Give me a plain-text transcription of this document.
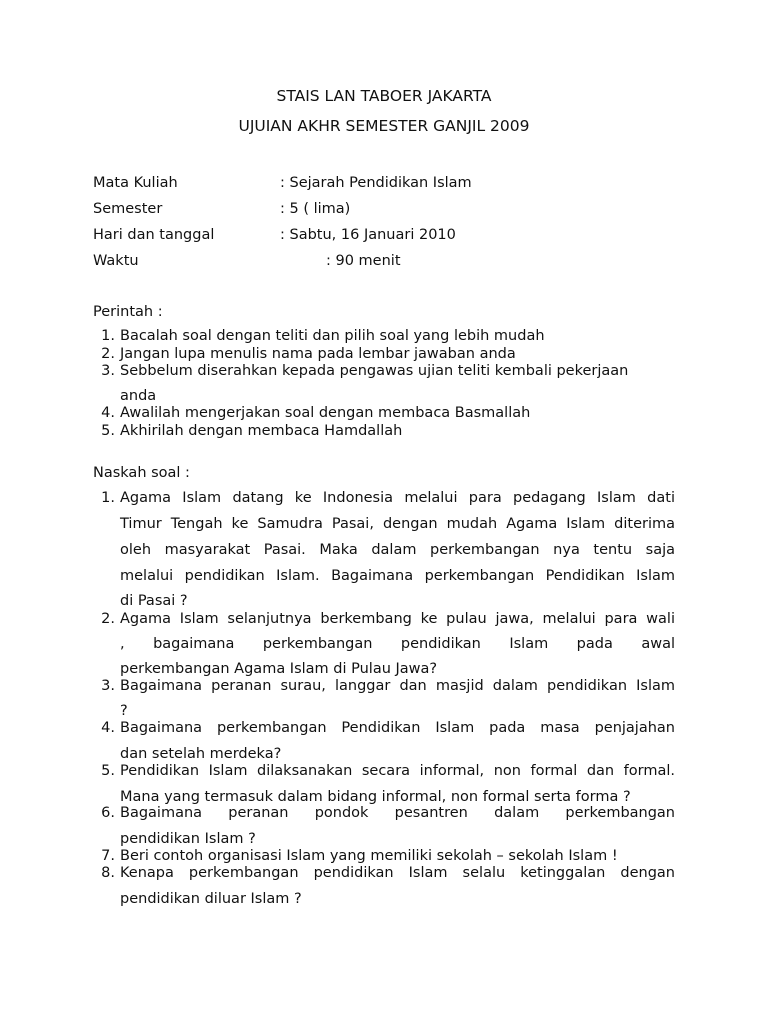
STAIS LAN TABOER JAKARTA
UJUIAN AKHR SEMESTER GANJIL 2009
Mata Kuliah	: Sejarah Pendidikan Islam
Semester	: 5 ( lima)
Hari dan tanggal	: Sabtu, 16 Januari 2010
Waktu	: 90 menit
Perintah :
1. Bacalah soal dengan teliti dan pilih soal yang lebih mudah
2. Jangan lupa menulis nama pada lembar jawaban anda
3. Sebbelum diserahkan kepada pengawas ujian teliti kembali pekerjaan
anda
4. Awalilah mengerjakan soal dengan membaca Basmallah
5. Akhirilah dengan membaca Hamdallah
Naskah soal :
1. Agama Islam datang ke Indonesia melalui para pedagang Islam dati
Timur Tengah ke Samudra Pasai, dengan mudah Agama Islam diterima
oleh masyarakat Pasai. Maka dalam perkembangan nya tentu saja
melalui pendidikan Islam. Bagaimana perkembangan Pendidikan Islam
di Pasai ?
2. Agama Islam selanjutnya berkembang ke pulau jawa, melalui para wali
, bagaimana perkembangan pendidikan Islam pada awal
perkembangan Agama Islam di Pulau Jawa?
3. Bagaimana peranan surau, langgar dan masjid dalam pendidikan Islam
?
4. Bagaimana perkembangan Pendidikan Islam pada masa penjajahan
dan setelah merdeka?
5. Pendidikan Islam dilaksanakan secara informal, non formal dan formal.
Mana yang termasuk dalam bidang informal, non formal serta forma ?
6. Bagaimana peranan pondok pesantren dalam perkembangan
pendidikan Islam ?
7. Beri contoh organisasi Islam yang memiliki sekolah – sekolah Islam !
8. Kenapa perkembangan pendidikan Islam selalu ketinggalan dengan
pendidikan diluar Islam ?
